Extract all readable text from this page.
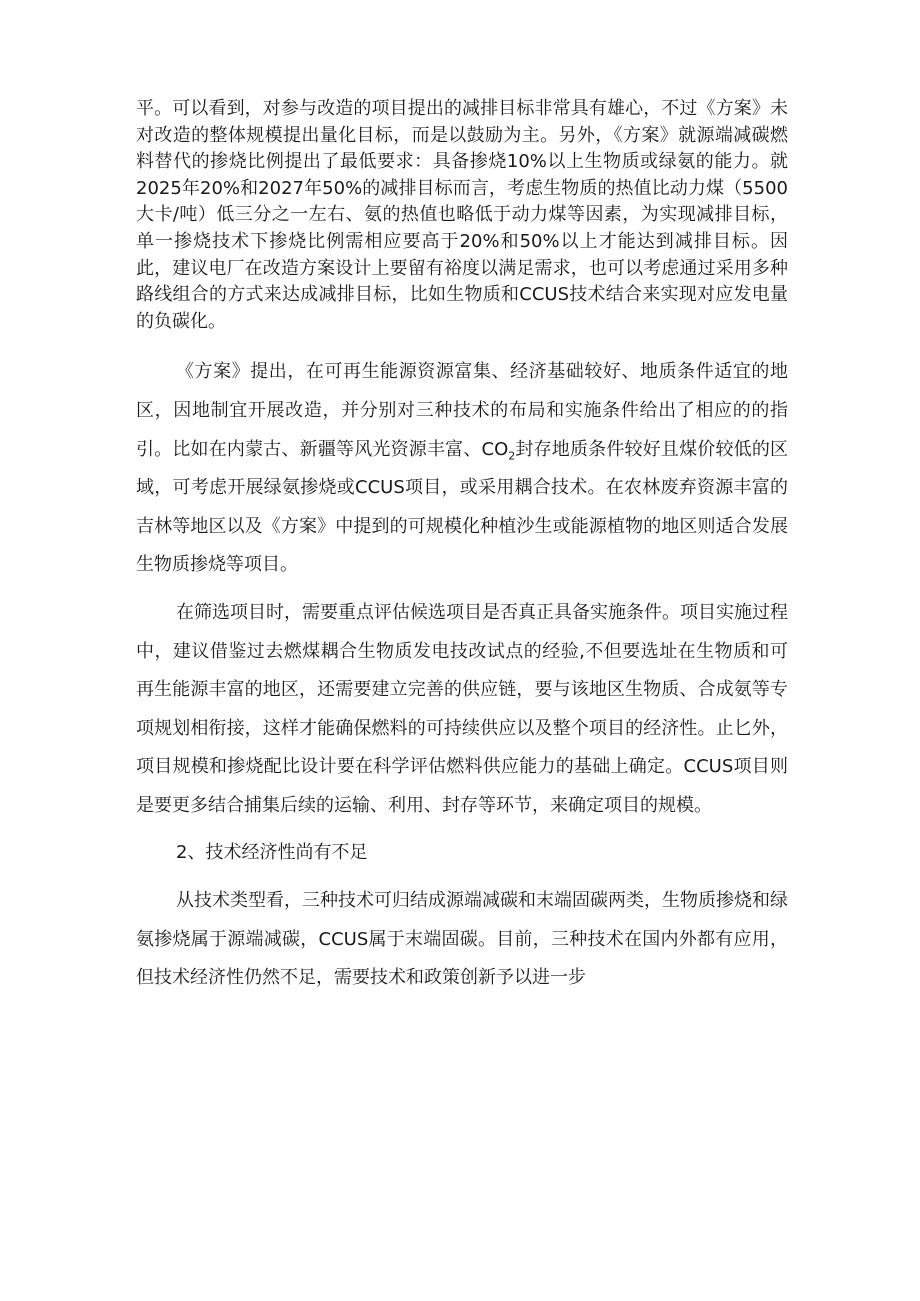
平。可以看到，对参与改造的项目提出的减排目标非常具有雄心，不过《方案》未对改造的整体规模提出量化目标，而是以鼓励为主。另外，《方案》就源端减碳燃料替代的掺烧比例提出了最低要求：具备掺烧10%以上生物质或绿氨的能力。就2025年20%和2027年50%的减排目标而言，考虑生物质的热值比动力煤（5500大卡/吨）低三分之一左右、氨的热值也略低于动力煤等因素，为实现减排目标，单一掺烧技术下掺烧比例需相应要高于20%和50%以上才能达到减排目标。因此，建议电厂在改造方案设计上要留有裕度以满足需求，也可以考虑通过采用多种路线组合的方式来达成减排目标，比如生物质和CCUS技术结合来实现对应发电量的负碳化。

《方案》提出，在可再生能源资源富集、经济基础较好、地质条件适宜的地区，因地制宜开展改造，并分别对三种技术的布局和实施条件给出了相应的的指引。比如在内蒙古、新疆等风光资源丰富、$CO_2$封存地质条件较好且煤价较低的区域，可考虑开展绿氨掺烧或CCUS项目，或采用耦合技术。在农林废弃资源丰富的吉林等地区以及《方案》中提到的可规模化种植沙生或能源植物的地区则适合发展生物质掺烧等项目。

在筛选项目时，需要重点评估候选项目是否真正具备实施条件。项目实施过程中，建议借鉴过去燃煤耦合生物质发电技改试点的经验,不但要选址在生物质和可再生能源丰富的地区，还需要建立完善的供应链，要与该地区生物质、合成氨等专项规划相衔接，这样才能确保燃料的可持续供应以及整个项目的经济性。止匕外，项目规模和掺烧配比设计要在科学评估燃料供应能力的基础上确定。CCUS项目则是要更多结合捕集后续的运输、利用、封存等环节，来确定项目的规模。

2、技术经济性尚有不足

从技术类型看，三种技术可归结成源端减碳和末端固碳两类，生物质掺烧和绿氨掺烧属于源端减碳，CCUS属于末端固碳。目前，三种技术在国内外都有应用，但技术经济性仍然不足，需要技术和政策创新予以进一步
